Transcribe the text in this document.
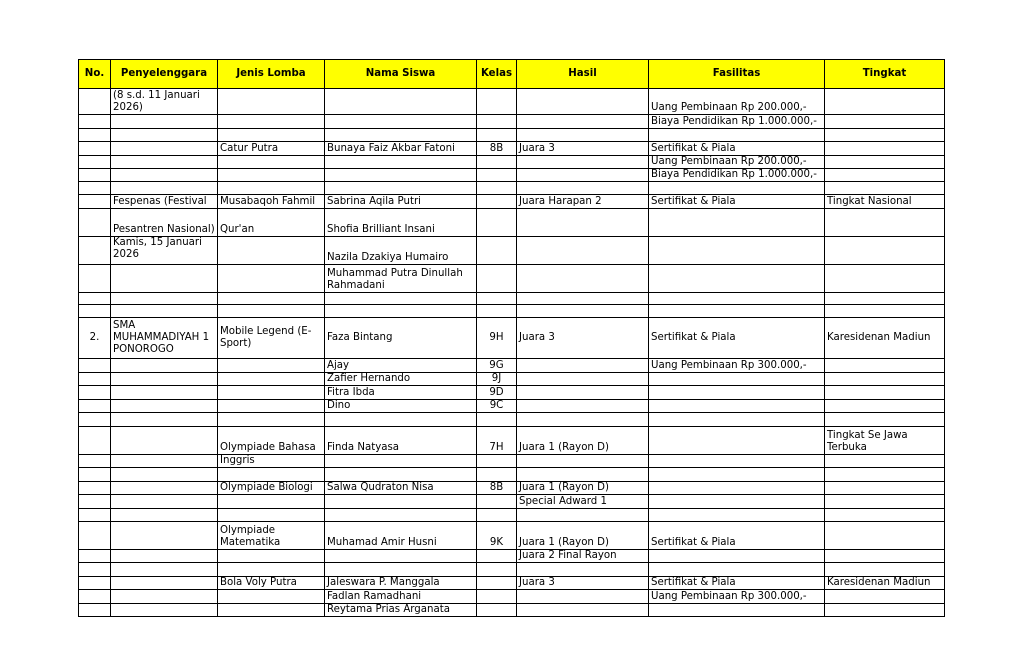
No.	Penyelenggara	Jenis Lomba	Nama Siswa	Kelas	Hasil	Fasilitas	Tingkat
	(8 s.d. 11 Januari 2026)					Uang Pembinaan Rp 200.000,-	
						Biaya Pendidikan Rp 1.000.000,-	

		Catur Putra	Bunaya Faiz Akbar Fatoni	8B	Juara 3	Sertifikat & Piala	
						Uang Pembinaan Rp 200.000,-	
						Biaya Pendidikan Rp 1.000.000,-	

	Fespenas (Festival	Musabaqoh Fahmil	Sabrina Aqila Putri		Juara Harapan 2	Sertifikat & Piala	Tingkat Nasional
	Pesantren Nasional)	Qur'an	Shofia Brilliant Insani				
	Kamis, 15 Januari 2026		Nazila Dzakiya Humairo				
			Muhammad Putra Dinullah Rahmadani				

2.	SMA MUHAMMADIYAH 1 PONOROGO	Mobile Legend (E-Sport)	Faza Bintang	9H	Juara 3	Sertifikat & Piala	Karesidenan Madiun
			Ajay	9G		Uang Pembinaan Rp 300.000,-	
			Zafier Hernando	9J			
			Fitra Ibda	9D			
			Dino	9C			

		Olympiade Bahasa	Finda Natyasa	7H	Juara 1 (Rayon D)		Tingkat Se Jawa Terbuka
		Inggris					

		Olympiade Biologi	Salwa Qudraton Nisa	8B	Juara 1 (Rayon D)		
					Special Adward 1		

		Olympiade Matematika	Muhamad Amir Husni	9K	Juara 1 (Rayon D)	Sertifikat & Piala	
					Juara 2 Final Rayon		

		Bola Voly Putra	Jaleswara P. Manggala		Juara 3	Sertifikat & Piala	Karesidenan Madiun
			Fadlan Ramadhani			Uang Pembinaan Rp 300.000,-	
			Reytama Prias Arganata				
